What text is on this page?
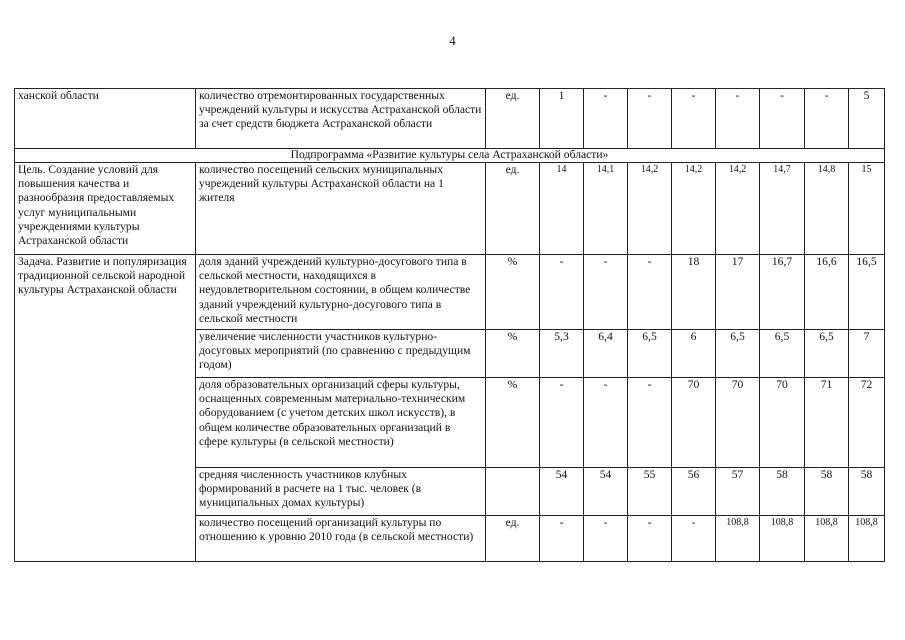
4
ханской области	количество отремонтированных государственных учреждений культуры и искусства Астраханской области за счет средств бюджета Астраханской области	ед.	1	-	-	-	-	-	-	5
Подпрограмма «Развитие культуры села Астраханской области»										
Цель. Создание условий для повышения качества и разнообразия предоставляемых услуг муниципальными учреждениями культуры Астраханской области	количество посещений сельских муниципальных учреждений культуры Астраханской области на 1 жителя	ед.	14	14,1	14,2	14,2	14,2	14,7	14,8	15
Задача. Развитие и популяризация традиционной сельской народной культуры Астраханской области	доля зданий учреждений культурно-досугового типа в сельской местности, находящихся в неудовлетворительном состоянии, в общем количестве зданий учреждений культурно-досугового типа в сельской местности	%	-	-	-	18	17	16,7	16,6	16,5
	увеличение численности участников культурно-досуговых мероприятий (по сравнению с предыдущим годом)	%	5,3	6,4	6,5	6	6,5	6,5	6,5	7
	доля образовательных организаций сферы культуры, оснащенных современным материально-техническим оборудованием (с учетом детских школ искусств), в общем количестве образовательных организаций в сфере культуры (в сельской местности)	%	-	-	-	70	70	70	71	72
	средняя численность участников клубных формирований в расчете на 1 тыс. человек (в муниципальных домах культуры)		54	54	55	56	57	58	58	58
	количество посещений организаций культуры по отношению к уровню 2010 года (в сельской местности)	ед.	-	-	-	-	108,8	108,8	108,8	108,8
